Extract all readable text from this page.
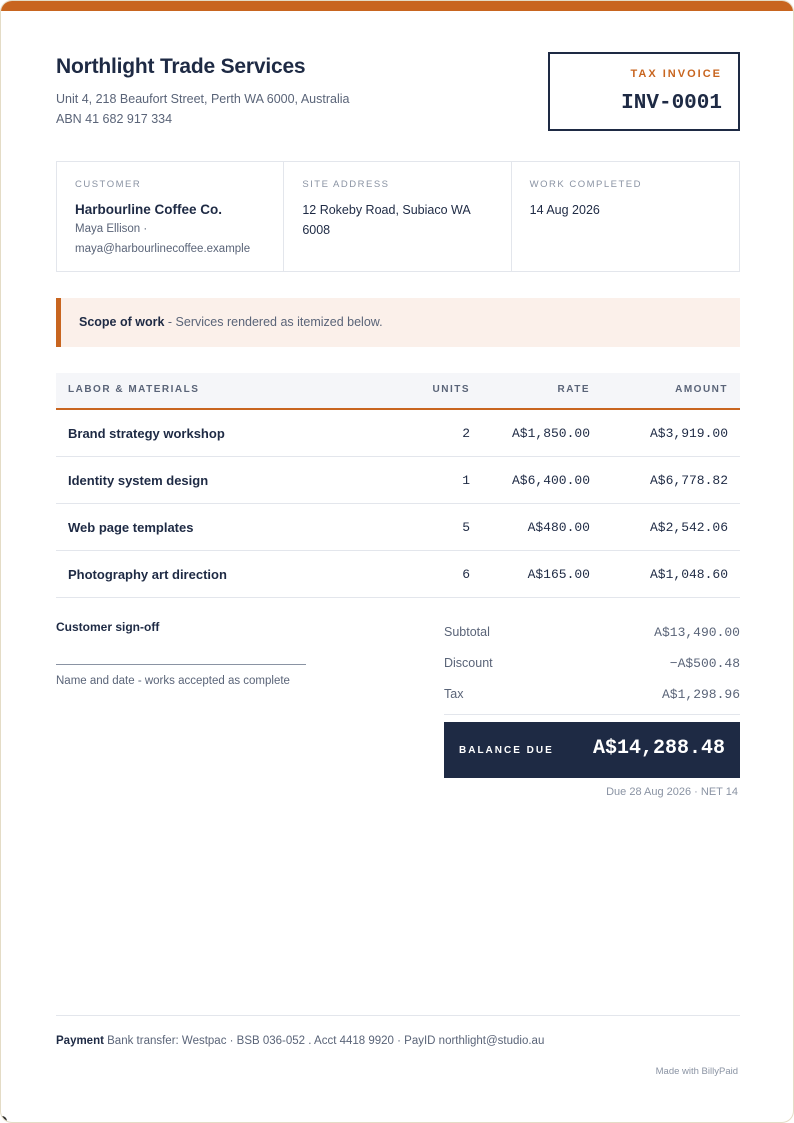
Northlight Trade Services
Unit 4, 218 Beaufort Street, Perth WA 6000, Australia
ABN 41 682 917 334
TAX INVOICE
INV-0001
CUSTOMER
Harbourline Coffee Co.
Maya Ellison ·
maya@harbourlinecoffee.example
SITE ADDRESS
12 Rokeby Road, Subiaco WA
6008
WORK COMPLETED
14 Aug 2026
Scope of work - Services rendered as itemized below.
LABOR & MATERIALS	UNITS	RATE	AMOUNT
Brand strategy workshop	2	A$1,850.00	A$3,919.00
Identity system design	1	A$6,400.00	A$6,778.82
Web page templates	5	A$480.00	A$2,542.06
Photography art direction	6	A$165.00	A$1,048.60
Customer sign-off
Name and date - works accepted as complete
Subtotal	A$13,490.00
Discount	−A$500.48
Tax	A$1,298.96
BALANCE DUE A$14,288.48
Due 28 Aug 2026 · NET 14
Payment Bank transfer: Westpac · BSB 036-052 . Acct 4418 9920 · PayID northlight@studio.au
Made with BillyPaid
